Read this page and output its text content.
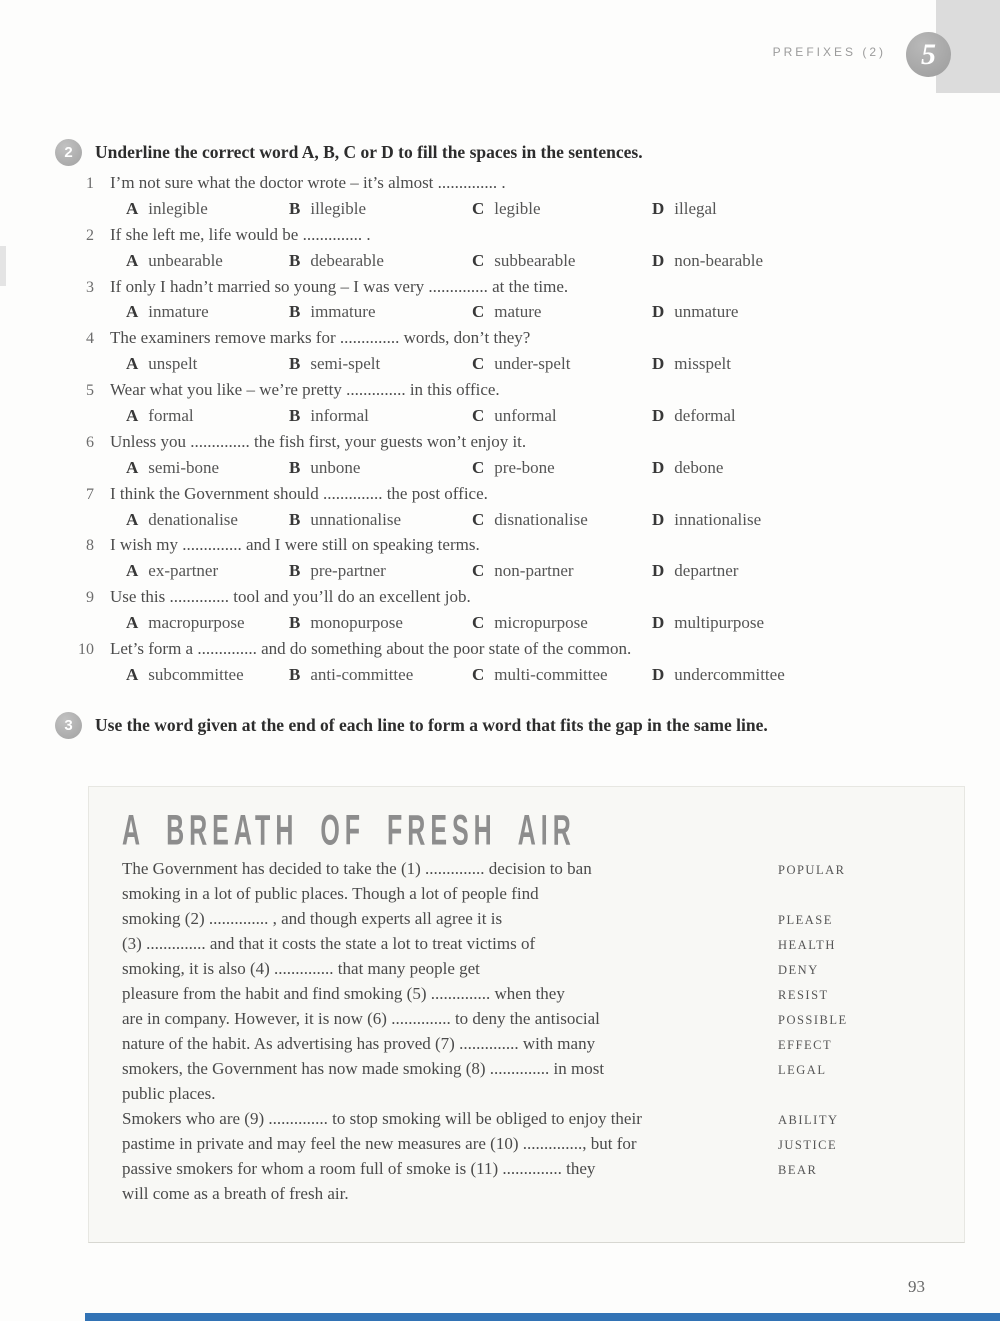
PREFIXES (2)	5
2	Underline the correct word A, B, C or D to fill the spaces in the sentences.
1 I’m not sure what the doctor wrote – it’s almost .............. .
A inlegible	B illegible	C legible	D illegal
2 If she left me, life would be .............. .
A unbearable	B debearable	C subbearable	D non-bearable
3 If only I hadn’t married so young – I was very .............. at the time.
A inmature	B immature	C mature	D unmature
4 The examiners remove marks for .............. words, don’t they?
A unspelt	B semi-spelt	C under-spelt	D misspelt
5 Wear what you like – we’re pretty .............. in this office.
A formal	B informal	C unformal	D deformal
6 Unless you .............. the fish first, your guests won’t enjoy it.
A semi-bone	B unbone	C pre-bone	D debone
7 I think the Government should .............. the post office.
A denationalise	B unnationalise	C disnationalise	D innationalise
8 I wish my .............. and I were still on speaking terms.
A ex-partner	B pre-partner	C non-partner	D departner
9 Use this .............. tool and you’ll do an excellent job.
A macropurpose	B monopurpose	C micropurpose	D multipurpose
10 Let’s form a .............. and do something about the poor state of the common.
A subcommittee	B anti-committee	C multi-committee	D undercommittee
3	Use the word given at the end of each line to form a word that fits the gap in the same line.
A BREATH OF FRESH AIR
The Government has decided to take the (1) .............. decision to ban	POPULAR
smoking in a lot of public places. Though a lot of people find
smoking (2) .............. , and though experts all agree it is	PLEASE
(3) .............. and that it costs the state a lot to treat victims of	HEALTH
smoking, it is also (4) .............. that many people get	DENY
pleasure from the habit and find smoking (5) .............. when they	RESIST
are in company. However, it is now (6) .............. to deny the antisocial	POSSIBLE
nature of the habit. As advertising has proved (7) .............. with many	EFFECT
smokers, the Government has now made smoking (8) .............. in most	LEGAL
public places.
Smokers who are (9) .............. to stop smoking will be obliged to enjoy their	ABILITY
pastime in private and may feel the new measures are (10) .............., but for	JUSTICE
passive smokers for whom a room full of smoke is (11) .............. they	BEAR
will come as a breath of fresh air.
93
